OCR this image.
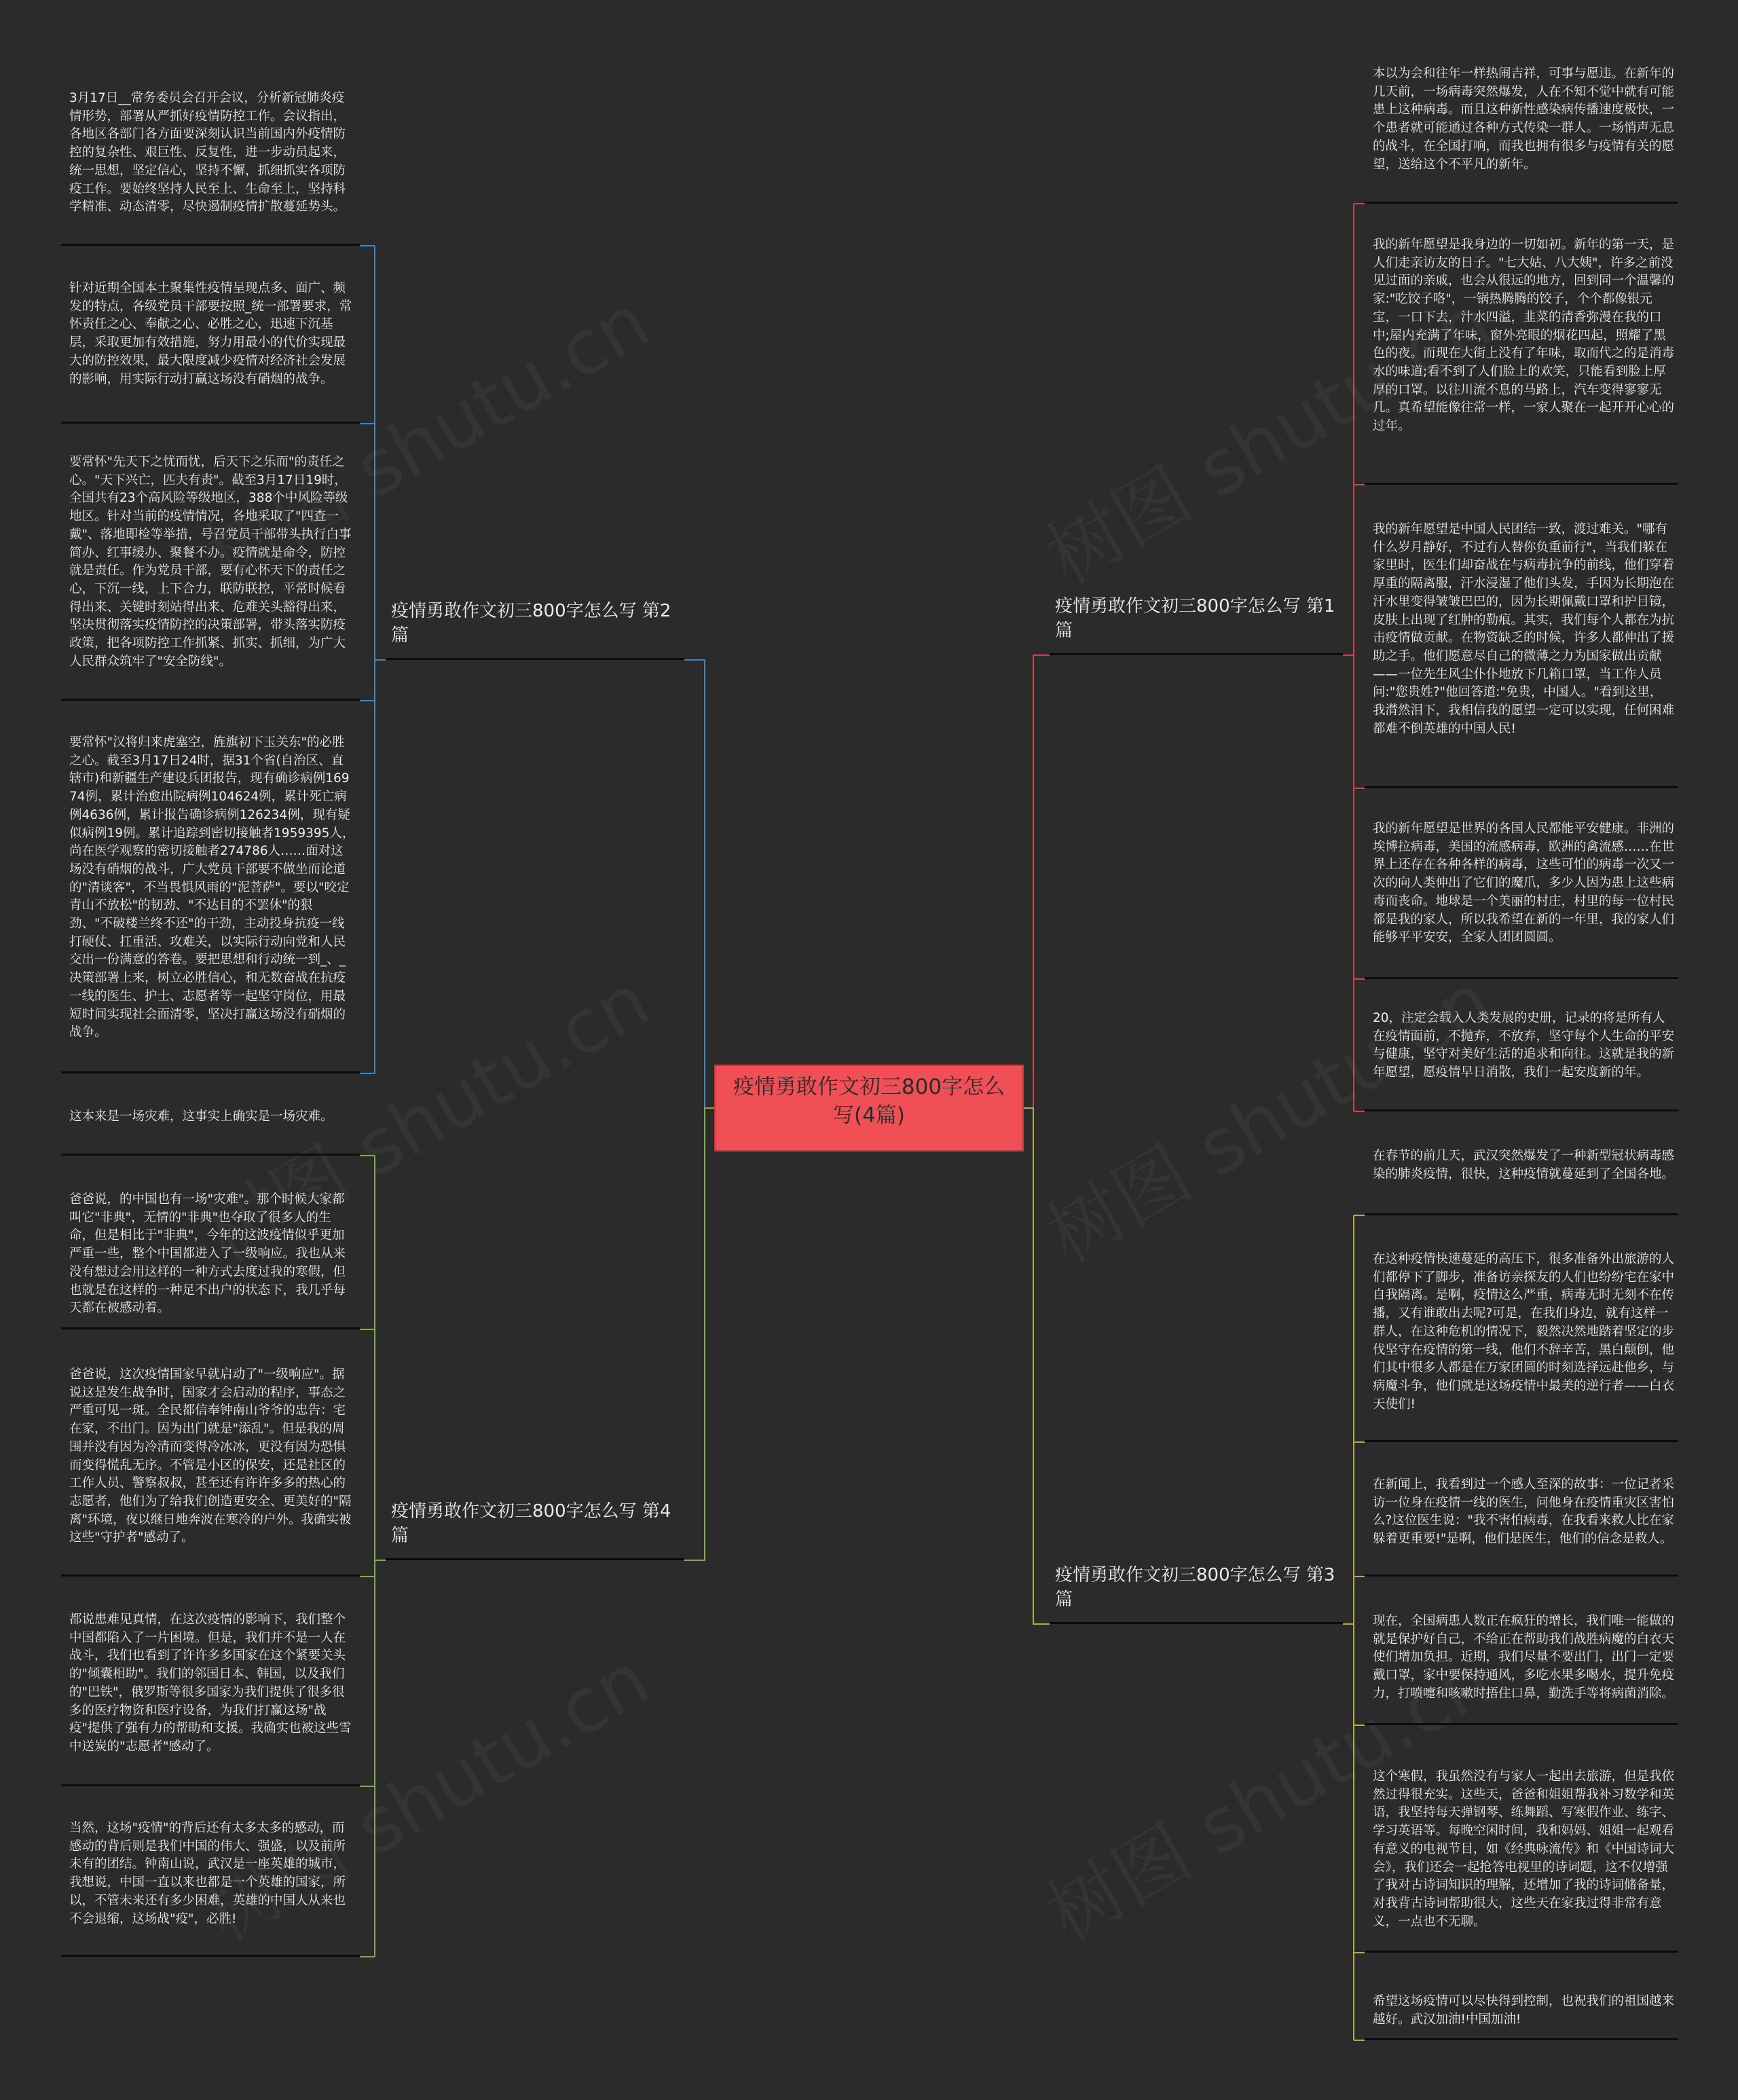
疫情勇敢作文初三800字怎么写(4篇)
疫情勇敢作文初三800字怎么写 第1篇
本以为会和往年一样热闹吉祥，可事与愿违。在新年的几天前，一场病毒突然爆发，人在不知不觉中就有可能患上这种病毒。而且这种新性感染病传播速度极快，一个患者就可能通过各种方式传染一群人。一场悄声无息的战斗，在全国打响，而我也拥有很多与疫情有关的愿望，送给这个不平凡的新年。
我的新年愿望是我身边的一切如初。新年的第一天，是人们走亲访友的日子。"七大姑、八大姨"，许多之前没见过面的亲戚，也会从很远的地方，回到同一个温馨的家:"吃饺子咯"，一锅热腾腾的饺子，个个都像银元宝，一口下去，汁水四溢，韭菜的清香弥漫在我的口中;屋内充满了年味，窗外亮眼的烟花四起，照耀了黑色的夜。而现在大街上没有了年味，取而代之的是消毒水的味道;看不到了人们脸上的欢笑，只能看到脸上厚厚的口罩。以往川流不息的马路上，汽车变得寥寥无几。真希望能像往常一样，一家人聚在一起开开心心的过年。
我的新年愿望是中国人民团结一致，渡过难关。"哪有什么岁月静好，不过有人替你负重前行"，当我们躲在家里时，医生们却奋战在与病毒抗争的前线，他们穿着厚重的隔离服，汗水浸湿了他们头发，手因为长期泡在汗水里变得皱皱巴巴的，因为长期佩戴口罩和护目镜，皮肤上出现了红肿的勒痕。其实，我们每个人都在为抗击疫情做贡献。在物资缺乏的时候，许多人都伸出了援助之手。他们愿意尽自己的微薄之力为国家做出贡献——一位先生风尘仆仆地放下几箱口罩，当工作人员问:"您贵姓?"他回答道:"免贵，中国人。"看到这里，我潸然泪下，我相信我的愿望一定可以实现，任何困难都难不倒英雄的中国人民!
我的新年愿望是世界的各国人民都能平安健康。非洲的埃博拉病毒，美国的流感病毒，欧洲的禽流感……在世界上还存在各种各样的病毒，这些可怕的病毒一次又一次的向人类伸出了它们的魔爪，多少人因为患上这些病毒而丧命。地球是一个美丽的村庄，村里的每一位村民都是我的家人，所以我希望在新的一年里，我的家人们能够平平安安，全家人团团圆圆。
20，注定会载入人类发展的史册，记录的将是所有人在疫情面前，不抛弃，不放弃，坚守每个人生命的平安与健康，坚守对美好生活的追求和向往。这就是我的新年愿望，愿疫情早日消散，我们一起安度新的年。
疫情勇敢作文初三800字怎么写 第2篇
3月17日__常务委员会召开会议，分析新冠肺炎疫情形势，部署从严抓好疫情防控工作。会议指出，各地区各部门各方面要深刻认识当前国内外疫情防控的复杂性、艰巨性、反复性，进一步动员起来，统一思想，坚定信心，坚持不懈，抓细抓实各项防疫工作。要始终坚持人民至上、生命至上，坚持科学精准、动态清零，尽快遏制疫情扩散蔓延势头。
针对近期全国本土聚集性疫情呈现点多、面广、频发的特点，各级党员干部要按照_统一部署要求，常怀责任之心、奉献之心、必胜之心，迅速下沉基层，采取更加有效措施，努力用最小的代价实现最大的防控效果，最大限度减少疫情对经济社会发展的影响，用实际行动打赢这场没有硝烟的战争。
要常怀"先天下之忧而忧，后天下之乐而"的责任之心。"天下兴亡，匹夫有责"。截至3月17日19时，全国共有23个高风险等级地区，388个中风险等级地区。针对当前的疫情情况，各地采取了"四查一戴"、落地即检等举措，号召党员干部带头执行白事简办、红事缓办、聚餐不办。疫情就是命令，防控就是责任。作为党员干部，要有心怀天下的责任之心，下沉一线，上下合力，联防联控，平常时候看得出来、关键时刻站得出来、危难关头豁得出来，坚决贯彻落实疫情防控的决策部署，带头落实防疫政策，把各项防控工作抓紧、抓实、抓细，为广大人民群众筑牢了"安全防线"。
要常怀"汉将归来虎塞空，旌旗初下玉关东"的必胜之心。截至3月17日24时，据31个省(自治区、直辖市)和新疆生产建设兵团报告，现有确诊病例16974例，累计治愈出院病例104624例，累计死亡病例4636例，累计报告确诊病例126234例，现有疑似病例19例。累计追踪到密切接触者1959395人，尚在医学观察的密切接触者274786人……面对这场没有硝烟的战斗，广大党员干部要不做坐而论道的"清谈客"，不当畏惧风雨的"泥菩萨"。要以"咬定青山不放松"的韧劲、"不达目的不罢休"的狠劲、"不破楼兰终不还"的干劲，主动投身抗疫一线打硬仗、扛重活、攻难关，以实际行动向党和人民交出一份满意的答卷。要把思想和行动统一到_、_决策部署上来，树立必胜信心，和无数奋战在抗疫一线的医生、护士、志愿者等一起坚守岗位，用最短时间实现社会面清零，坚决打赢这场没有硝烟的战争。
疫情勇敢作文初三800字怎么写 第3篇
在春节的前几天，武汉突然爆发了一种新型冠状病毒感染的肺炎疫情，很快，这种疫情就蔓延到了全国各地。
在这种疫情快速蔓延的高压下，很多准备外出旅游的人们都停下了脚步，准备访亲探友的人们也纷纷宅在家中自我隔离。是啊，疫情这么严重，病毒无时无刻不在传播，又有谁敢出去呢?可是，在我们身边，就有这样一群人，在这种危机的情况下，毅然决然地踏着坚定的步伐坚守在疫情的第一线，他们不辞辛苦，黑白颠倒，他们其中很多人都是在万家团圆的时刻选择远赴他乡，与病魔斗争，他们就是这场疫情中最美的逆行者——白衣天使们!
在新闻上，我看到过一个感人至深的故事：一位记者采访一位身在疫情一线的医生，问他身在疫情重灾区害怕么?这位医生说："我不害怕病毒，在我看来救人比在家躲着更重要!"是啊，他们是医生，他们的信念是救人。
现在，全国病患人数正在疯狂的增长，我们唯一能做的就是保护好自己，不给正在帮助我们战胜病魔的白衣天使们增加负担。近期，我们尽量不要出门，出门一定要戴口罩，家中要保持通风，多吃水果多喝水，提升免疫力，打喷嚏和咳嗽时捂住口鼻，勤洗手等将病菌消除。
这个寒假，我虽然没有与家人一起出去旅游，但是我依然过得很充实。这些天，爸爸和姐姐帮我补习数学和英语，我坚持每天弹钢琴、练舞蹈、写寒假作业、练字、学习英语等。每晚空闲时间，我和妈妈、姐姐一起观看有意义的电视节目，如《经典咏流传》和《中国诗词大会》，我们还会一起抢答电视里的诗词题，这不仅增强了我对古诗词知识的理解，还增加了我的诗词储备量，对我背古诗词帮助很大，这些天在家我过得非常有意义，一点也不无聊。
希望这场疫情可以尽快得到控制，也祝我们的祖国越来越好。武汉加油!中国加油!
疫情勇敢作文初三800字怎么写 第4篇
这本来是一场灾难，这事实上确实是一场灾难。
爸爸说，的中国也有一场"灾难"。那个时候大家都叫它"非典"，无情的"非典"也夺取了很多人的生命，但是相比于"非典"，今年的这波疫情似乎更加严重一些，整个中国都进入了一级响应。我也从来没有想过会用这样的一种方式去度过我的寒假，但也就是在这样的一种足不出户的状态下，我几乎每天都在被感动着。
爸爸说，这次疫情国家早就启动了"一级响应"。据说这是发生战争时，国家才会启动的程序，事态之严重可见一斑。全民都信奉钟南山爷爷的忠告：宅在家，不出门。因为出门就是"添乱"。但是我的周围并没有因为冷清而变得冷冰冰，更没有因为恐惧而变得慌乱无序。不管是小区的保安，还是社区的工作人员、警察叔叔，甚至还有许许多多的热心的志愿者，他们为了给我们创造更安全、更美好的"隔离"环境，夜以继日地奔波在寒冷的户外。我确实被这些"守护者"感动了。
都说患难见真情，在这次疫情的影响下，我们整个中国都陷入了一片困境。但是，我们并不是一人在战斗，我们也看到了许许多多国家在这个紧要关头的"倾囊相助"。我们的邻国日本、韩国，以及我们的"巴铁"，俄罗斯等很多国家为我们提供了很多很多的医疗物资和医疗设备，为我们打赢这场"战疫"提供了强有力的帮助和支援。我确实也被这些雪中送炭的"志愿者"感动了。
当然，这场"疫情"的背后还有太多太多的感动，而感动的背后则是我们中国的伟大、强盛，以及前所未有的团结。钟南山说，武汉是一座英雄的城市，我想说，中国一直以来也都是一个英雄的国家，所以，不管未来还有多少困难，英雄的中国人从来也不会退缩，这场战"疫"，必胜!
